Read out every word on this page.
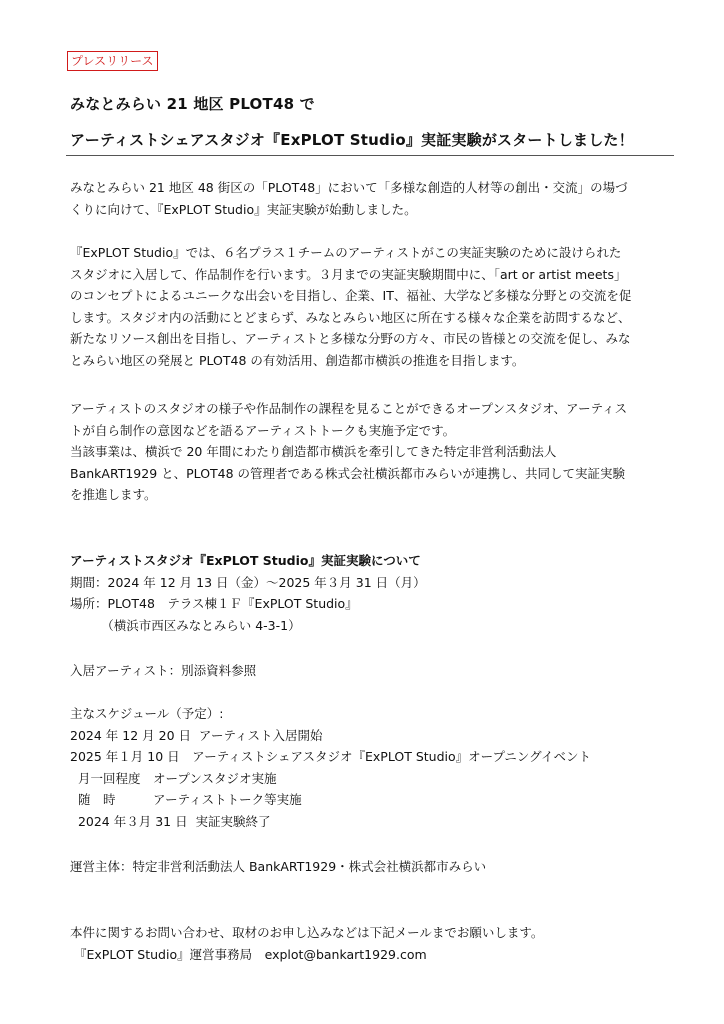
プレスリリース
みなとみらい 21 地区 PLOT48 で
アーティストシェアスタジオ『ExPLOT Studio』実証実験がスタートしました！
みなとみらい 21 地区 48 街区の「PLOT48」において「多様な創造的人材等の創出・交流」の場づ
くりに向けて、『ExPLOT Studio』実証実験が始動しました。
『ExPLOT Studio』では、６名プラス１チームのアーティストがこの実証実験のために設けられた
スタジオに入居して、作品制作を行います。３月までの実証実験期間中に、「art or artist meets」
のコンセプトによるユニークな出会いを目指し、企業、IT、福祉、大学など多様な分野との交流を促
します。スタジオ内の活動にとどまらず、みなとみらい地区に所在する様々な企業を訪問するなど、
新たなリソース創出を目指し、アーティストと多様な分野の方々、市民の皆様との交流を促し、みな
とみらい地区の発展と PLOT48 の有効活用、創造都市横浜の推進を目指します。
アーティストのスタジオの様子や作品制作の課程を見ることができるオープンスタジオ、アーティス
トが自ら制作の意図などを語るアーティストトークも実施予定です。
当該事業は、横浜で 20 年間にわたり創造都市横浜を牽引してきた特定非営利活動法人
BankART1929 と、PLOT48 の管理者である株式会社横浜都市みらいが連携し、共同して実証実験
を推進します。
アーティストスタジオ『ExPLOT Studio』実証実験について
期間：2024 年 12 月 13 日（金）～2025 年３月 31 日（月）
場所：PLOT48　テラス棟１Ｆ『ExPLOT Studio』
　　　（横浜市西区みなとみらい 4-3-1）
入居アーティスト：別添資料参照
主なスケジュール（予定）:
2024 年 12 月 20 日  アーティスト入居開始
2025 年１月 10 日　アーティストシェアスタジオ『ExPLOT Studio』オープニングイベント
月一回程度　オープンスタジオ実施
随　時　　　アーティストトーク等実施
2024 年３月 31 日  実証実験終了
運営主体：特定非営利活動法人 BankART1929・株式会社横浜都市みらい
本件に関するお問い合わせ、取材のお申し込みなどは下記メールまでお願いします。
『ExPLOT Studio』運営事務局　explot@bankart1929.com
